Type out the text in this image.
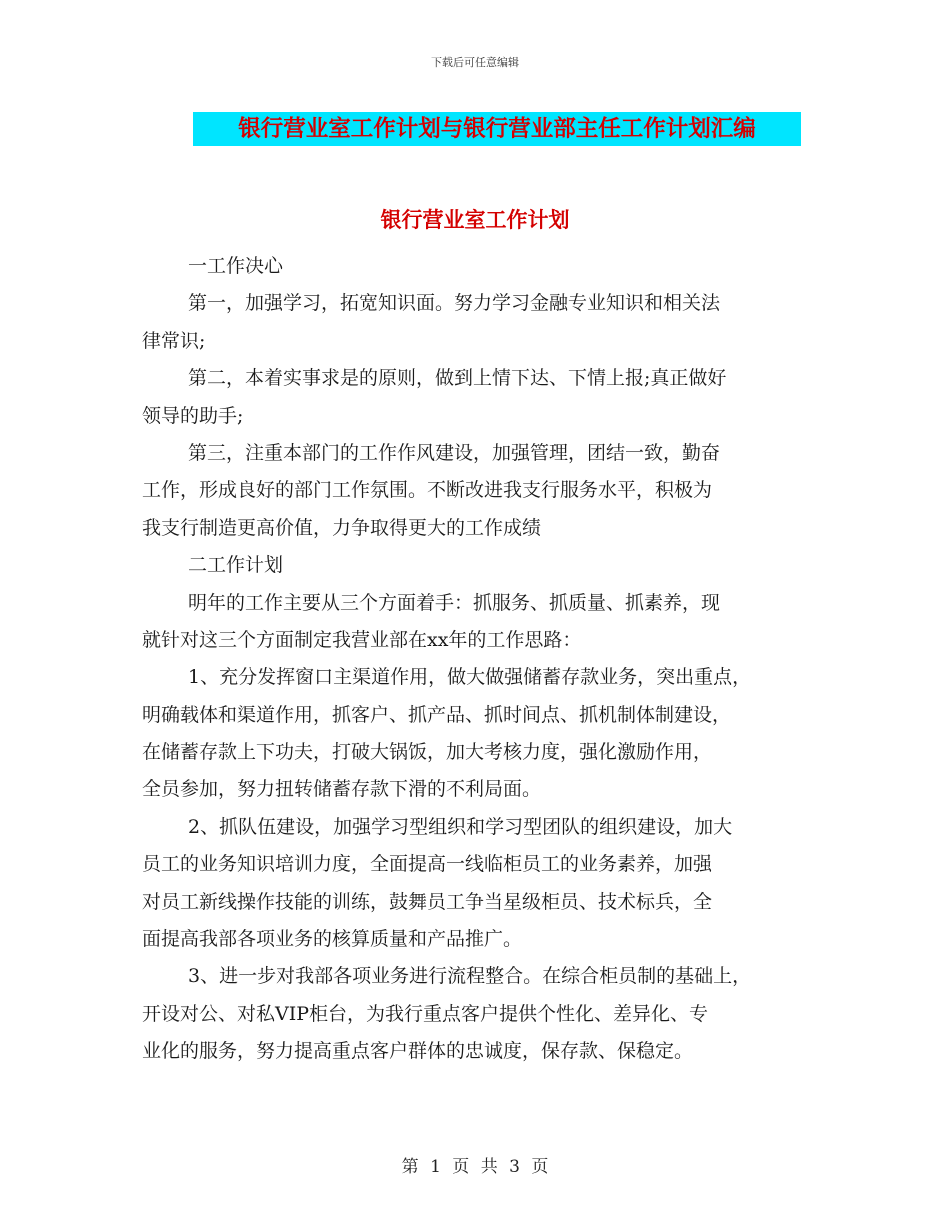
下载后可任意编辑
银行营业室工作计划与银行营业部主任工作计划汇编
银行营业室工作计划
一工作决心
第一，加强学习，拓宽知识面。努力学习金融专业知识和相关法
律常识;
第二，本着实事求是的原则，做到上情下达、下情上报;真正做好
领导的助手;
第三，注重本部门的工作作风建设，加强管理，团结一致，勤奋
工作，形成良好的部门工作氛围。不断改进我支行服务水平，积极为
我支行制造更高价值，力争取得更大的工作成绩
二工作计划
明年的工作主要从三个方面着手：抓服务、抓质量、抓素养，现
就针对这三个方面制定我营业部在xx年的工作思路：
1、充分发挥窗口主渠道作用，做大做强储蓄存款业务，突出重点，
明确载体和渠道作用，抓客户、抓产品、抓时间点、抓机制体制建设，
在储蓄存款上下功夫，打破大锅饭，加大考核力度，强化激励作用，
全员参加，努力扭转储蓄存款下滑的不利局面。
2、抓队伍建设，加强学习型组织和学习型团队的组织建设，加大
员工的业务知识培训力度，全面提高一线临柜员工的业务素养，加强
对员工新线操作技能的训练，鼓舞员工争当星级柜员、技术标兵，全
面提高我部各项业务的核算质量和产品推广。
3、进一步对我部各项业务进行流程整合。在综合柜员制的基础上，
开设对公、对私VIP柜台，为我行重点客户提供个性化、差异化、专
业化的服务，努力提高重点客户群体的忠诚度，保存款、保稳定。
第 1 页 共 3 页
